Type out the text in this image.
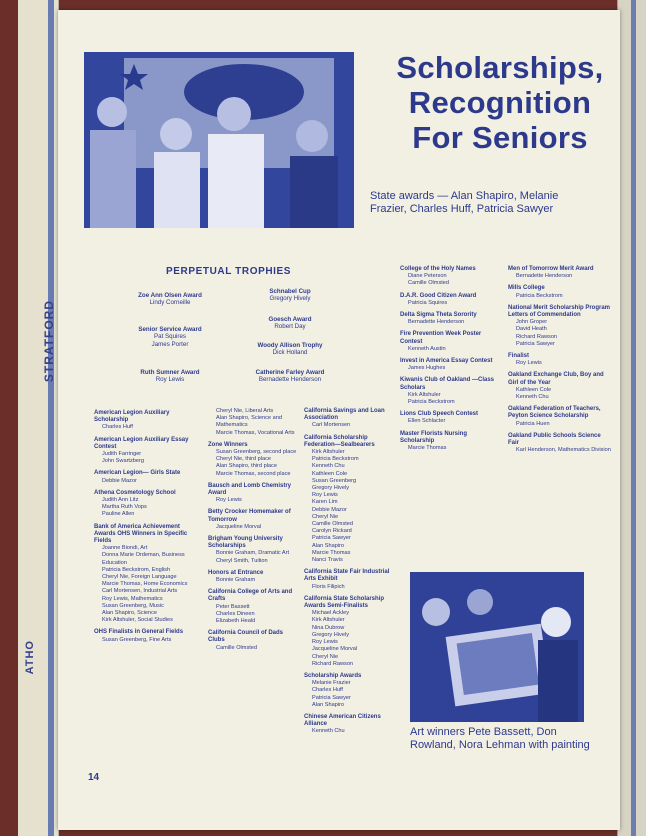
STRATFORD
ATHO
Scholarships,
Recognition
For Seniors
State awards — Alan Shapiro, Melanie Frazier, Charles Huff, Patricia Sawyer
PERPETUAL TROPHIES
Zoe Ann Olsen Award
Lindy Corneille
Schnabel Cup
Gregory Hively
Goesch Award
Robert Day
Senior Service Award
Pat Squires
James Porter	Woody Allison Trophy
Dick Holland
Ruth Sumner Award
Roy Lewis
Catherine Farley Award
Bernadette Henderson
American Legion Auxiliary Scholarship
Charles Huff
American Legion Auxiliary Essay Contest
Judith Farringer
John Swartzberg
American Legion— Girls State
Debbie Mazor
Athena Cosmetology School
Judith Ann Litz
Martha Ruth Vops
Pauline Allen
Bank of America Achievement Awards OHS Winners in Specific Fields
Joanne Biondi, Art
Donna Marie Ordeman, Business Education
Patricia Beckstrom, English
Cheryl Nie, Foreign Language
Marcie Thomas, Home Economics
Carl Mortensen, Industrial Arts
Roy Lewis, Mathematics
Susan Greenberg, Music
Alan Shapiro, Science
Kirk Altshuler, Social Studies
OHS Finalists in General Fields
Susan Greenberg, Fine Arts
Cheryl Nie, Liberal Arts
Alan Shapiro, Science and Mathematics
Marcie Thomas, Vocational Arts
Zone Winners
Susan Greenberg, second place
Cheryl Nie, third place
Alan Shapiro, third place
Marcie Thomas, second place
Bausch and Lomb Chemistry Award
Roy Lewis
Betty Crocker Homemaker of Tomorrow
Jacqueline Morval
Brigham Young University Scholarships
Bonnie Graham, Dramatic Art
Cheryl Smith, Tuition
Honors at Entrance
Bonnie Graham
California College of Arts and Crafts
Peter Bassett
Charles Dineen
Elizabeth Heald
California Council of Dads Clubs
Camille Olmsted
California Savings and Loan Association
Carl Mortensen
California Scholarship Federation—Sealbearers
Kirk Altshuler
Patricia Beckstrom
Kenneth Chu
Kathleen Cole
Susan Greenberg
Gregory Hively
Roy Lewis
Karen Lim
Debbie Mazor
Cheryl Nie
Camille Olmsted
Carolyn Rickard
Patricia Sawyer
Alan Shapiro
Marcie Thomas
Nanci Travis
California State Fair Industrial Arts Exhibit
Floris Filipich
California State Scholarship Awards Semi-Finalists
Michael Ackley
Kirk Altshuler
Nina Dubrow
Gregory Hively
Roy Lewis
Jacqueline Morval
Cheryl Nie
Richard Rawson
Scholarship Awards
Melanie Frazier
Charles Huff
Patricia Sawyer
Alan Shapiro
Chinese American Citizens Alliance
Kenneth Chu
College of the Holy Names
Diane Peterson
Camille Olmsted
D.A.R. Good Citizen Award
Patricia Squires
Delta Sigma Theta Sorority
Bernadette Henderson
Fire Prevention Week Poster Contest
Kenneth Austin
Invest in America Essay Contest
James Hughes
Kiwanis Club of Oakland —Class Scholars
Kirk Altshuler
Patricia Beckstrom
Lions Club Speech Contest
Ellen Schlacter
Master Florists Nursing Scholarship
Marcie Thomas
Men of Tomorrow Merit Award
Bernadette Henderson
Mills College
Patricia Beckstrom
National Merit Scholarship Program Letters of Commendation
John Groper
David Heath
Richard Rawson
Patricia Sawyer
Finalist
Roy Lewis
Oakland Exchange Club, Boy and Girl of the Year
Kathleen Cole
Kenneth Chu
Oakland Federation of Teachers, Peyton Science Scholarship
Patricia Huen
Oakland Public Schools Science Fair
Karl Henderson, Mathematics Division
Art winners Pete Bassett, Don Rowland, Nora Lehman with painting
14
